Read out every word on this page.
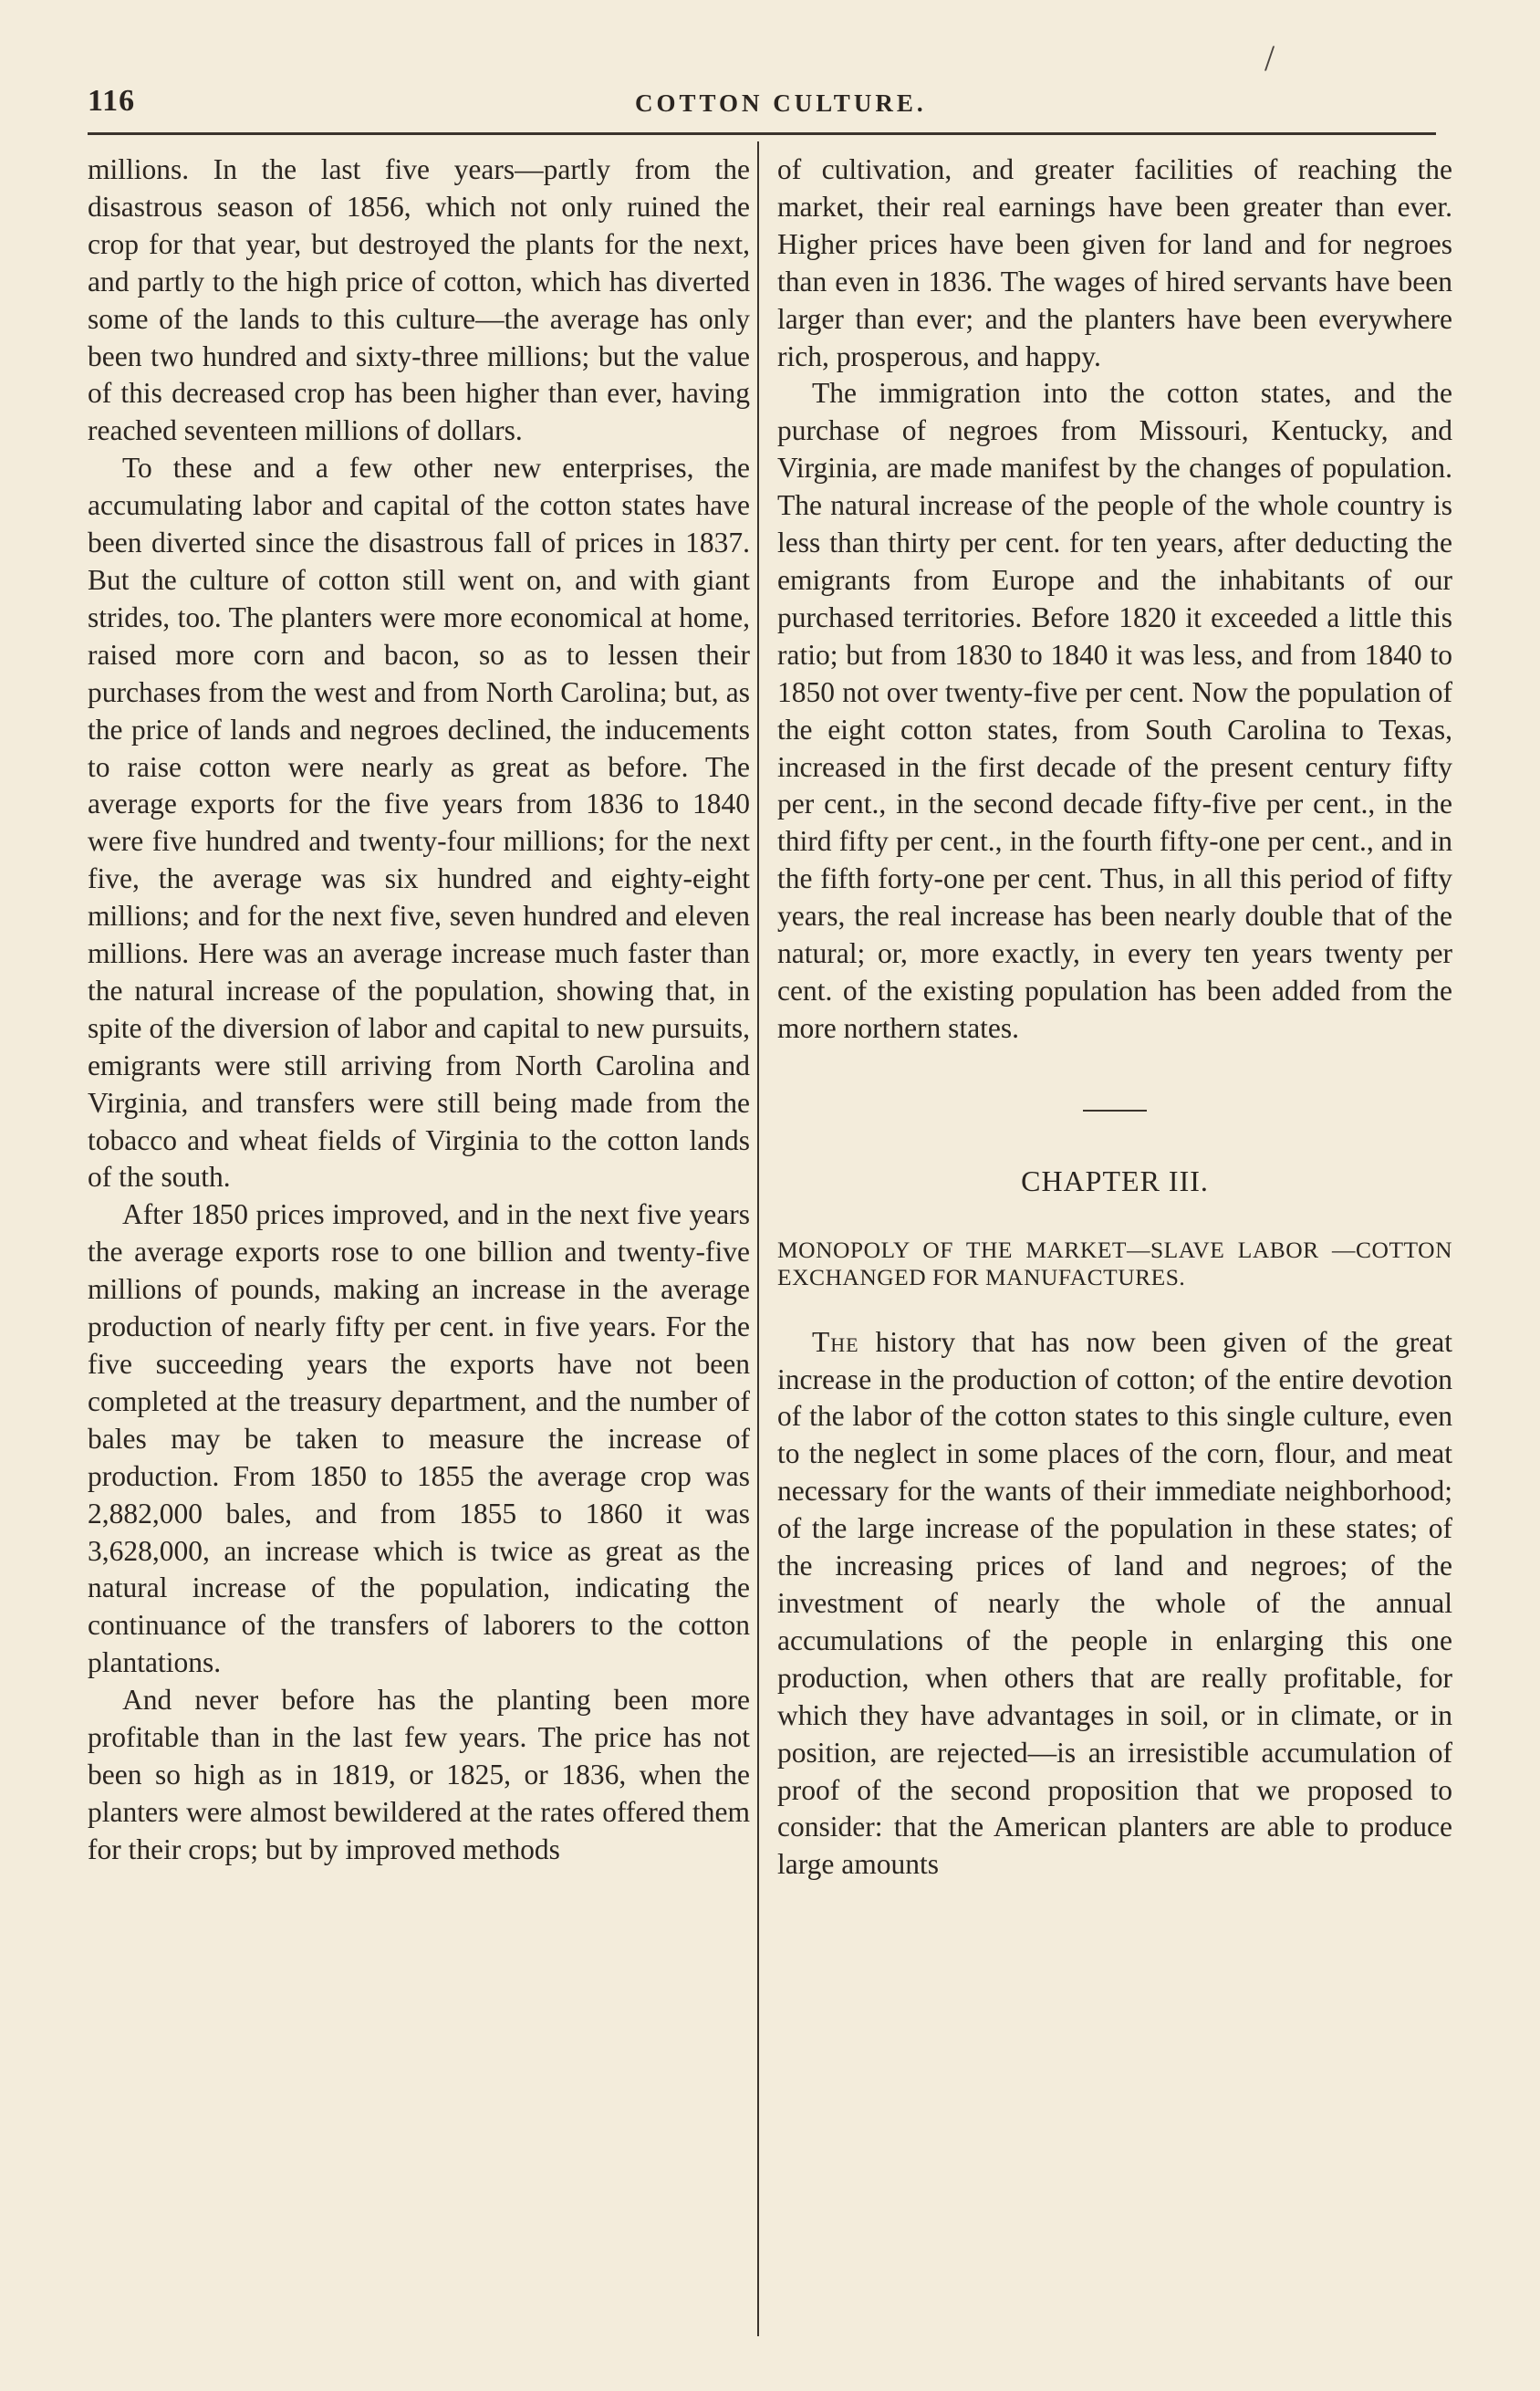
116	COTTON CULTURE.
/

millions. In the last five years—partly from the disastrous season of 1856, which not only ruined the crop for that year, but destroyed the plants for the next, and partly to the high price of cotton, which has diverted some of the lands to this culture—the average has only been two hundred and sixty-three millions; but the value of this decreased crop has been higher than ever, having reached seventeen millions of dollars.

To these and a few other new enterprises, the accumulating labor and capital of the cotton states have been diverted since the disastrous fall of prices in 1837. But the culture of cotton still went on, and with giant strides, too. The planters were more economical at home, raised more corn and bacon, so as to lessen their purchases from the west and from North Carolina; but, as the price of lands and negroes declined, the inducements to raise cotton were nearly as great as before. The average exports for the five years from 1836 to 1840 were five hundred and twenty-four millions; for the next five, the average was six hundred and eighty-eight millions; and for the next five, seven hundred and eleven millions. Here was an average increase much faster than the natural increase of the population, showing that, in spite of the diversion of labor and capital to new pursuits, emigrants were still arriving from North Carolina and Virginia, and transfers were still being made from the tobacco and wheat fields of Virginia to the cotton lands of the south.

After 1850 prices improved, and in the next five years the average exports rose to one billion and twenty-five millions of pounds, making an increase in the average production of nearly fifty per cent. in five years. For the five succeeding years the exports have not been completed at the treasury department, and the number of bales may be taken to measure the increase of production. From 1850 to 1855 the average crop was 2,882,000 bales, and from 1855 to 1860 it was 3,628,000, an increase which is twice as great as the natural increase of the population, indicating the continuance of the transfers of laborers to the cotton plantations.

And never before has the planting been more profitable than in the last few years. The price has not been so high as in 1819, or 1825, or 1836, when the planters were almost bewildered at the rates offered them for their crops; but by improved methods

of cultivation, and greater facilities of reaching the market, their real earnings have been greater than ever. Higher prices have been given for land and for negroes than even in 1836. The wages of hired servants have been larger than ever; and the planters have been everywhere rich, prosperous, and happy.

The immigration into the cotton states, and the purchase of negroes from Missouri, Kentucky, and Virginia, are made manifest by the changes of population. The natural increase of the people of the whole country is less than thirty per cent. for ten years, after deducting the emigrants from Europe and the inhabitants of our purchased territories. Before 1820 it exceeded a little this ratio; but from 1830 to 1840 it was less, and from 1840 to 1850 not over twenty-five per cent. Now the population of the eight cotton states, from South Carolina to Texas, increased in the first decade of the present century fifty per cent., in the second decade fifty-five per cent., in the third fifty per cent., in the fourth fifty-one per cent., and in the fifth forty-one per cent. Thus, in all this period of fifty years, the real increase has been nearly double that of the natural; or, more exactly, in every ten years twenty per cent. of the existing population has been added from the more northern states.

CHAPTER III.
MONOPOLY OF THE MARKET—SLAVE LABOR —COTTON EXCHANGED FOR MANUFACTURES.

The history that has now been given of the great increase in the production of cotton; of the entire devotion of the labor of the cotton states to this single culture, even to the neglect in some places of the corn, flour, and meat necessary for the wants of their immediate neighborhood; of the large increase of the population in these states; of the increasing prices of land and negroes; of the investment of nearly the whole of the annual accumulations of the people in enlarging this one production, when others that are really profitable, for which they have advantages in soil, or in climate, or in position, are rejected—is an irresistible accumulation of proof of the second proposition that we proposed to consider: that the American planters are able to produce large amounts
